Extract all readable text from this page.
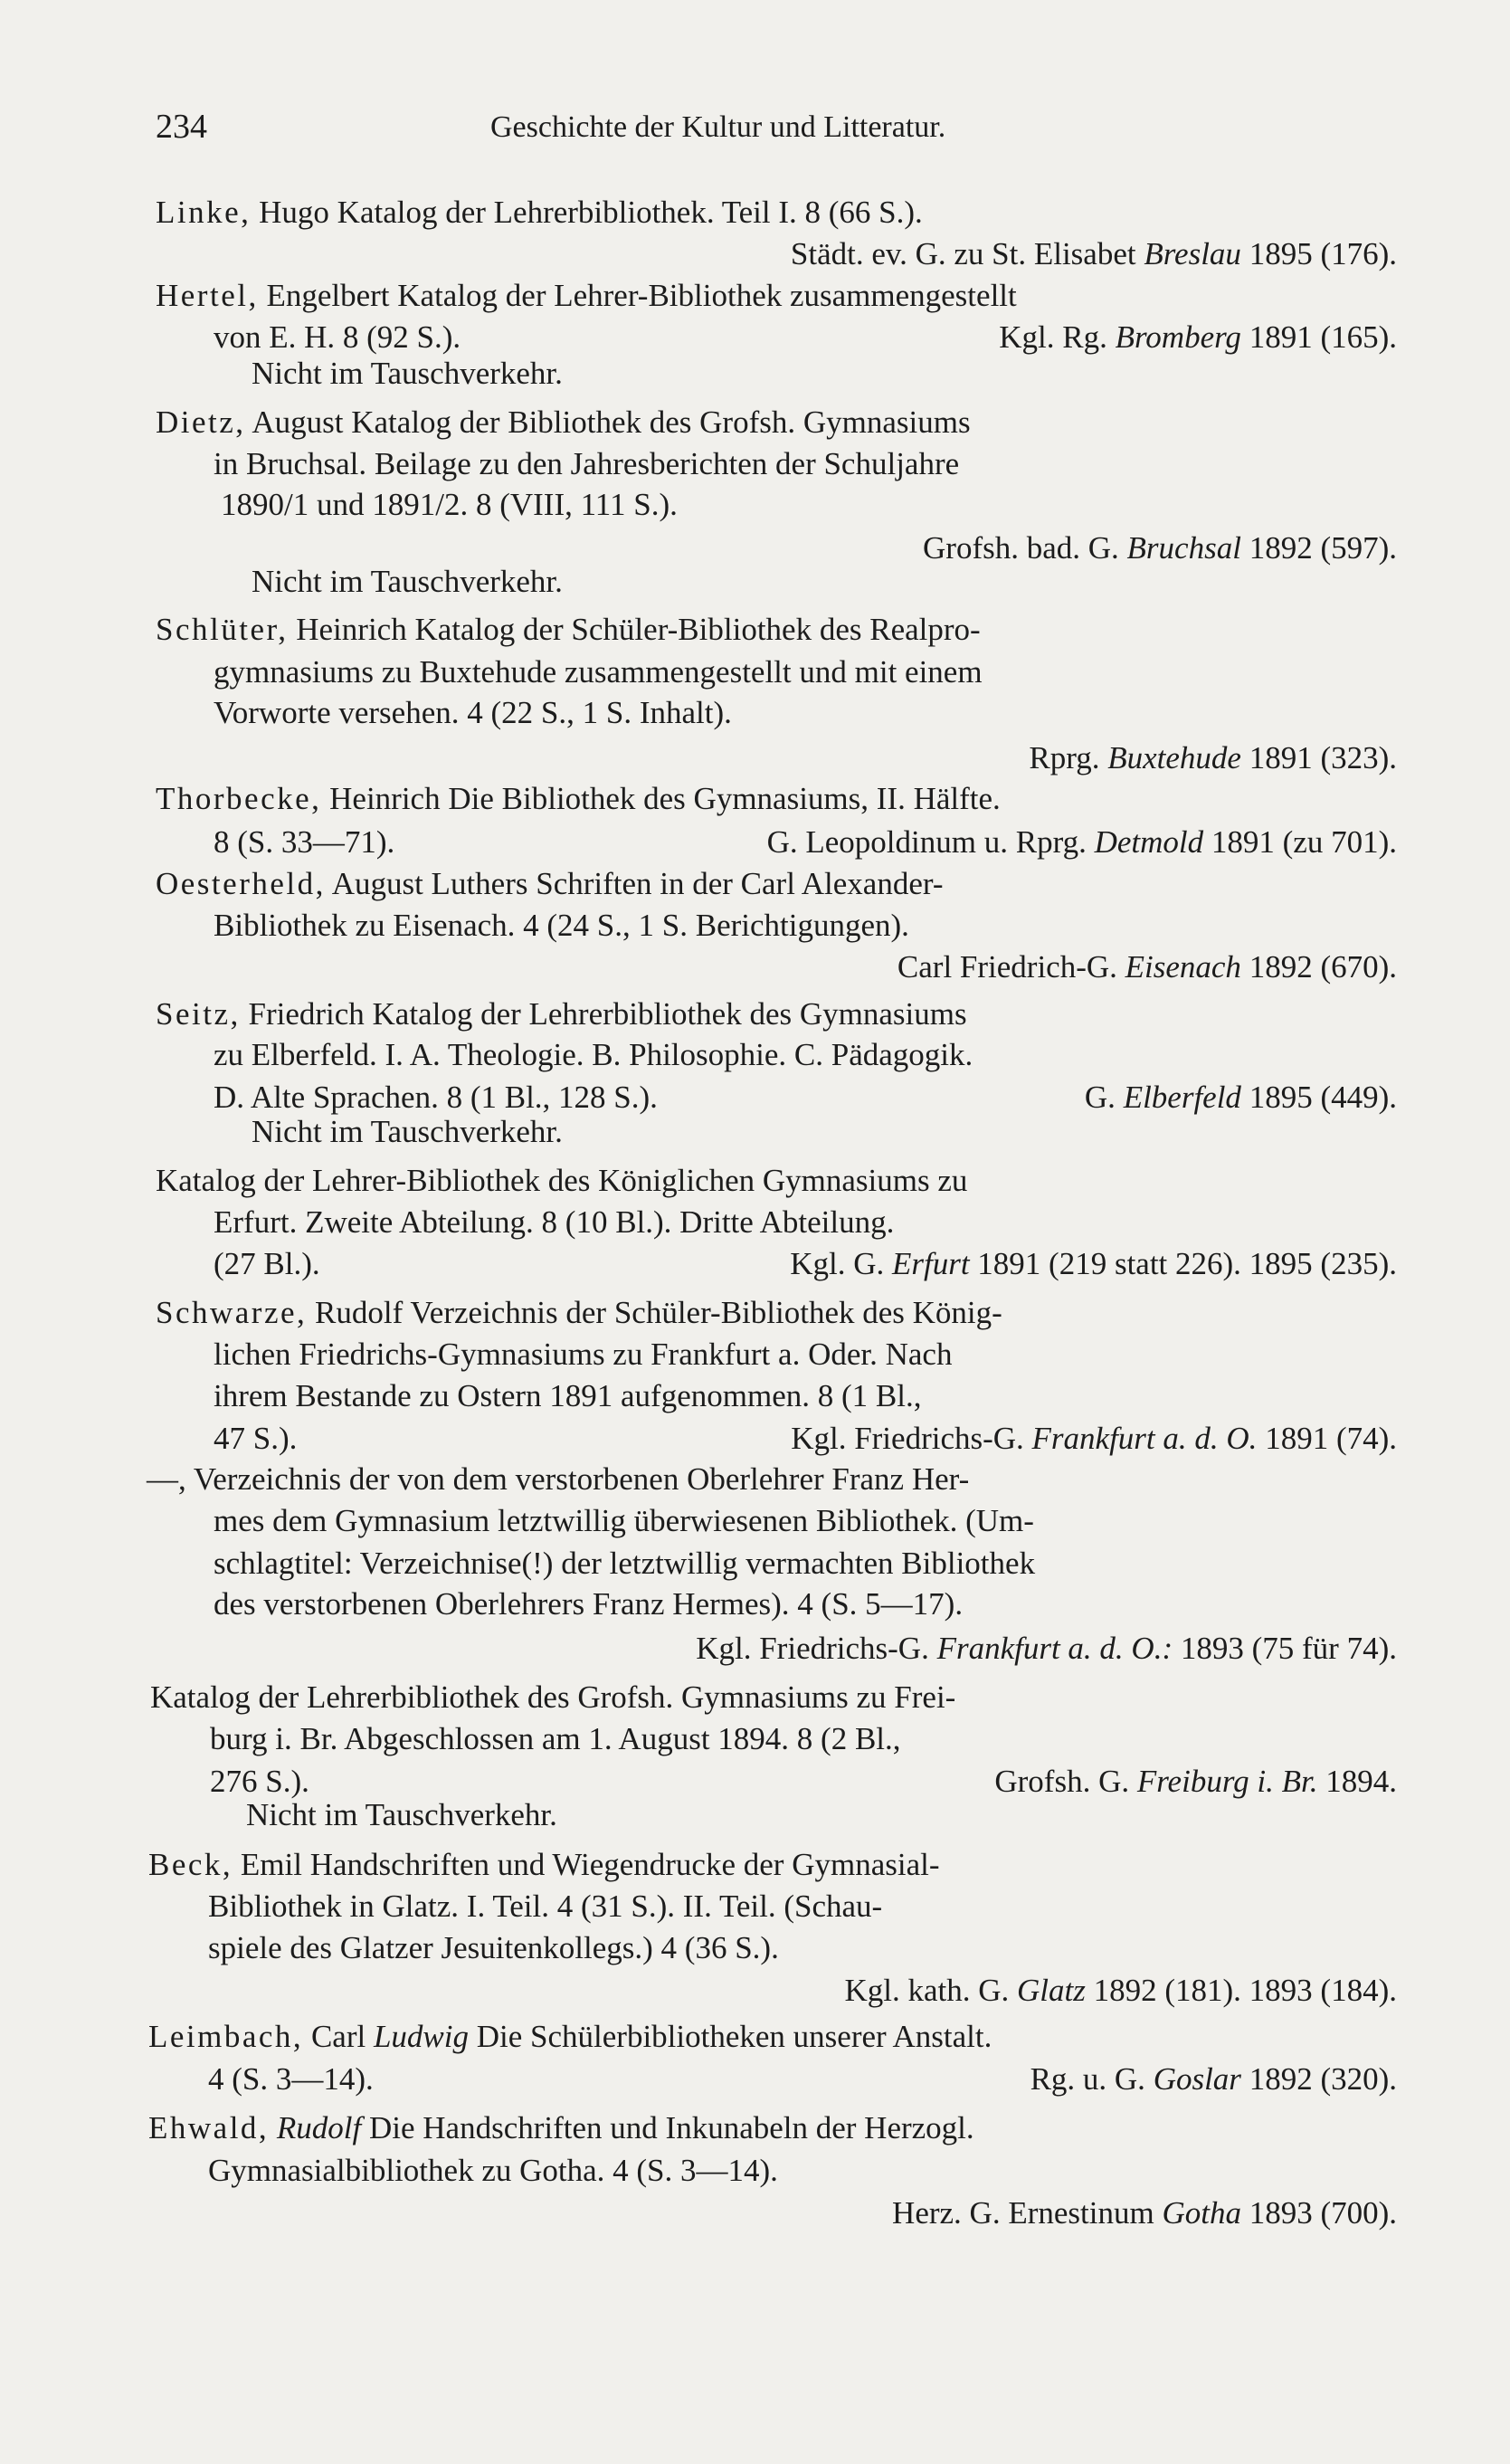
234	Geschichte der Kultur und Litteratur.
Linke, Hugo Katalog der Lehrerbibliothek. Teil I. 8 (66 S.).
Städt. ev. G. zu St. Elisabet Breslau 1895 (176).
Hertel, Engelbert Katalog der Lehrer-Bibliothek zusammengestellt
von E. H. 8 (92 S.).	Kgl. Rg. Bromberg 1891 (165).
Nicht im Tauschverkehr.
Dietz, August Katalog der Bibliothek des Grofsh. Gymnasiums
in Bruchsal. Beilage zu den Jahresberichten der Schuljahre
1890/1 und 1891/2. 8 (VIII, 111 S.).
Grofsh. bad. G. Bruchsal 1892 (597).
Nicht im Tauschverkehr.
Schlüter, Heinrich Katalog der Schüler-Bibliothek des Realpro-
gymnasiums zu Buxtehude zusammengestellt und mit einem
Vorworte versehen. 4 (22 S., 1 S. Inhalt).
Rprg. Buxtehude 1891 (323).
Thorbecke, Heinrich Die Bibliothek des Gymnasiums, II. Hälfte.
8 (S. 33—71).	G. Leopoldinum u. Rprg. Detmold 1891 (zu 701).
Oesterheld, August Luthers Schriften in der Carl Alexander-
Bibliothek zu Eisenach. 4 (24 S., 1 S. Berichtigungen).
Carl Friedrich-G. Eisenach 1892 (670).
Seitz, Friedrich Katalog der Lehrerbibliothek des Gymnasiums
zu Elberfeld. I. A. Theologie. B. Philosophie. C. Pädagogik.
D. Alte Sprachen. 8 (1 Bl., 128 S.).	G. Elberfeld 1895 (449).
Nicht im Tauschverkehr.
Katalog der Lehrer-Bibliothek des Königlichen Gymnasiums zu
Erfurt. Zweite Abteilung. 8 (10 Bl.). Dritte Abteilung.
(27 Bl.).	Kgl. G. Erfurt 1891 (219 statt 226). 1895 (235).
Schwarze, Rudolf Verzeichnis der Schüler-Bibliothek des König-
lichen Friedrichs-Gymnasiums zu Frankfurt a. Oder. Nach
ihrem Bestande zu Ostern 1891 aufgenommen. 8 (1 Bl.,
47 S.).	Kgl. Friedrichs-G. Frankfurt a. d. O. 1891 (74).
—, Verzeichnis der von dem verstorbenen Oberlehrer Franz Her-
mes dem Gymnasium letztwillig überwiesenen Bibliothek. (Um-
schlagtitel: Verzeichnise(!) der letztwillig vermachten Bibliothek
des verstorbenen Oberlehrers Franz Hermes). 4 (S. 5—17).
Kgl. Friedrichs-G. Frankfurt a. d. O.: 1893 (75 für 74).
Katalog der Lehrerbibliothek des Grofsh. Gymnasiums zu Frei-
burg i. Br. Abgeschlossen am 1. August 1894. 8 (2 Bl.,
276 S.).	Grofsh. G. Freiburg i. Br. 1894.
Nicht im Tauschverkehr.
Beck, Emil Handschriften und Wiegendrucke der Gymnasial-
Bibliothek in Glatz. I. Teil. 4 (31 S.). II. Teil. (Schau-
spiele des Glatzer Jesuitenkollegs.) 4 (36 S.).
Kgl. kath. G. Glatz 1892 (181). 1893 (184).
Leimbach, Carl Ludwig Die Schülerbibliotheken unserer Anstalt.
4 (S. 3—14).	Rg. u. G. Goslar 1892 (320).
Ehwald, Rudolf Die Handschriften und Inkunabeln der Herzogl.
Gymnasialbibliothek zu Gotha. 4 (S. 3—14).
Herz. G. Ernestinum Gotha 1893 (700).
